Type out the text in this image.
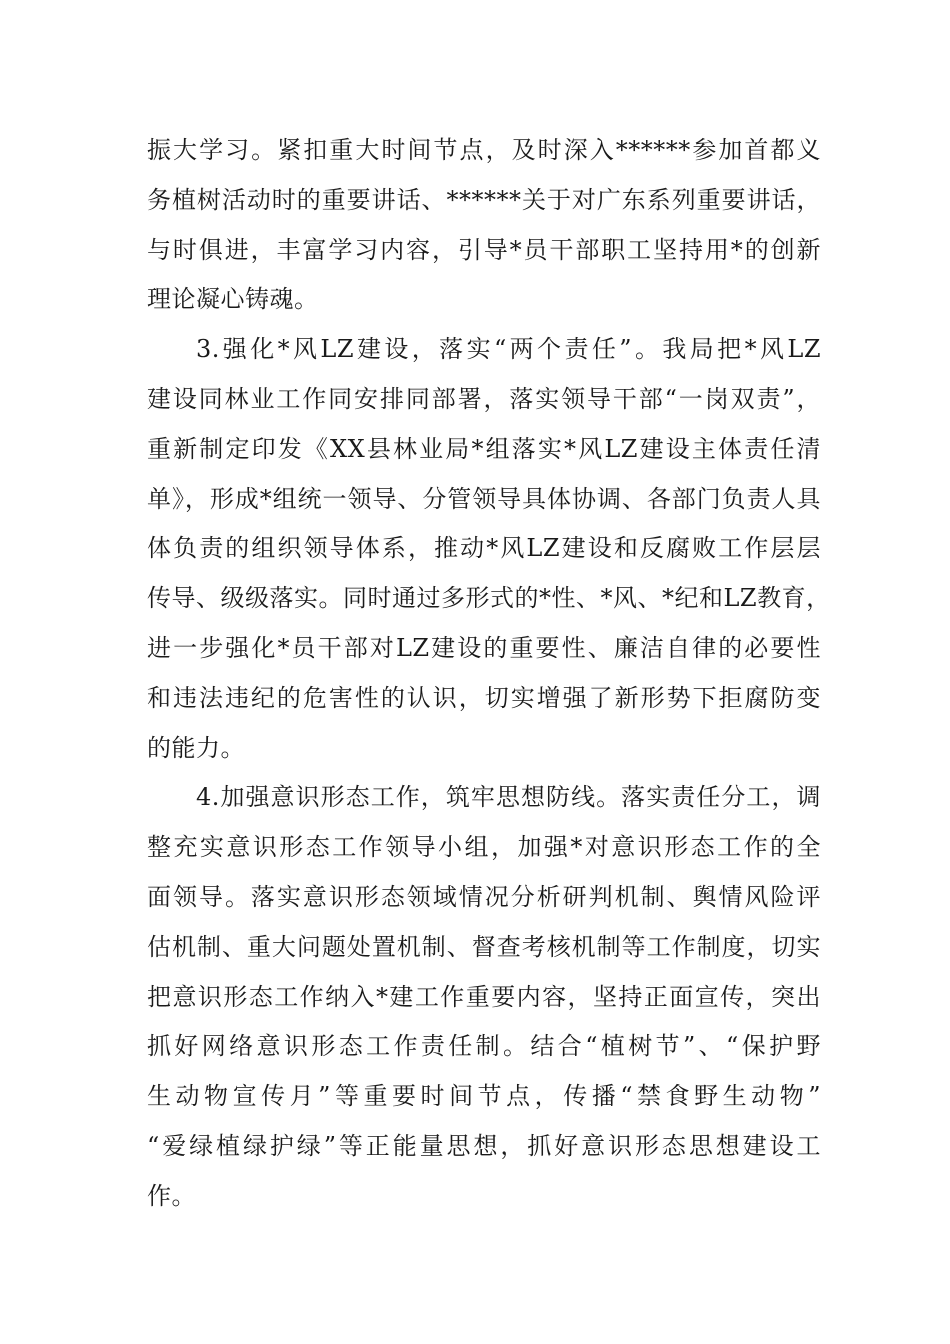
振大学习。紧扣重大时间节点，及时深入******参加首都义
务植树活动时的重要讲话、******关于对广东系列重要讲话，
与时俱进，丰富学习内容，引导*员干部职工坚持用*的创新
理论凝心铸魂。
3.强化*风LZ建设，落实“两个责任”。我局把*风LZ
建设同林业工作同安排同部署，落实领导干部“一岗双责”，
重新制定印发《XX县林业局*组落实*风LZ建设主体责任清
单》，形成*组统一领导、分管领导具体协调、各部门负责人具
体负责的组织领导体系，推动*风LZ建设和反腐败工作层层
传导、级级落实。同时通过多形式的*性、*风、*纪和LZ教育，
进一步强化*员干部对LZ建设的重要性、廉洁自律的必要性
和违法违纪的危害性的认识，切实增强了新形势下拒腐防变
的能力。
4.加强意识形态工作，筑牢思想防线。落实责任分工，调
整充实意识形态工作领导小组，加强*对意识形态工作的全
面领导。落实意识形态领域情况分析研判机制、舆情风险评
估机制、重大问题处置机制、督查考核机制等工作制度，切实
把意识形态工作纳入*建工作重要内容，坚持正面宣传，突出
抓好网络意识形态工作责任制。结合“植树节”、“保护野
生动物宣传月”等重要时间节点，传播“禁食野生动物”
“爱绿植绿护绿”等正能量思想，抓好意识形态思想建设工
作。
